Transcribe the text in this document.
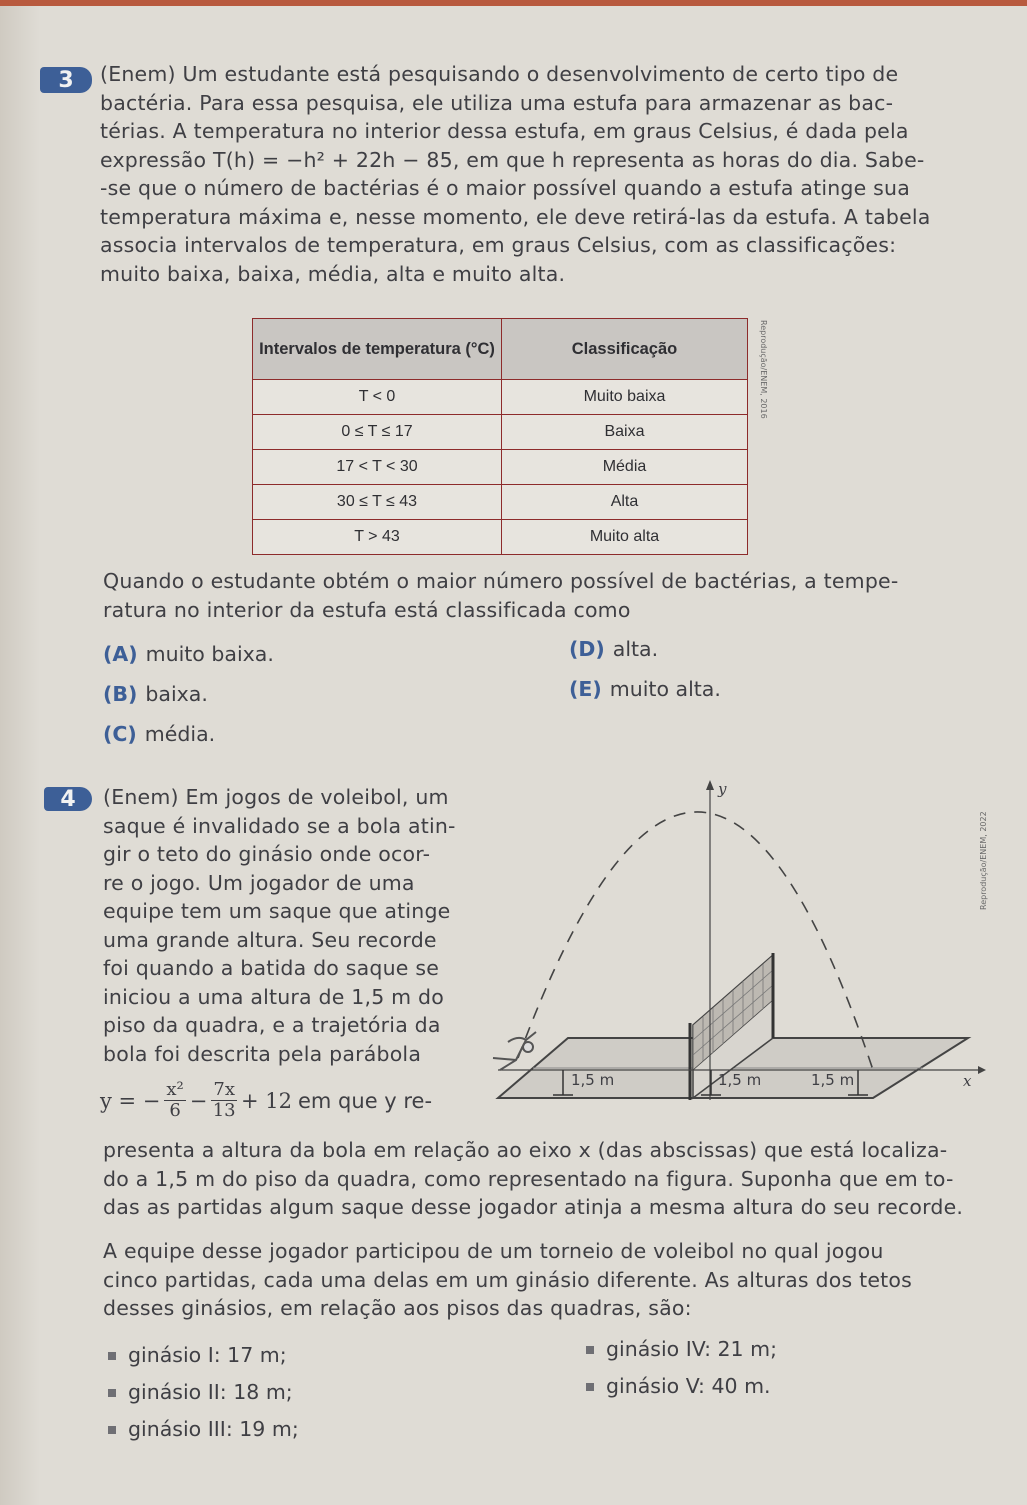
3	(Enem) Um estudante está pesquisando o desenvolvimento de certo tipo de
bactéria. Para essa pesquisa, ele utiliza uma estufa para armazenar as bac-
térias. A temperatura no interior dessa estufa, em graus Celsius, é dada pela
expressão T(h) = −h² + 22h − 85, em que h representa as horas do dia. Sabe-
-se que o número de bactérias é o maior possível quando a estufa atinge sua
temperatura máxima e, nesse momento, ele deve retirá-las da estufa. A tabela
associa intervalos de temperatura, em graus Celsius, com as classificações:
muito baixa, baixa, média, alta e muito alta.
Intervalos de temperatura (°C)	Classificação
T < 0	Muito baixa
0 ≤ T ≤ 17	Baixa
17 < T < 30	Média
30 ≤ T ≤ 43	Alta
T > 43	Muito alta
Reprodução/ENEM, 2016
Quando o estudante obtém o maior número possível de bactérias, a tempe-
ratura no interior da estufa está classificada como
(A) muito baixa.
(B) baixa.
(C) média.
(D) alta.
(E) muito alta.
4	(Enem) Em jogos de voleibol, um
saque é invalidado se a bola atin-
gir o teto do ginásio onde ocor-
re o jogo. Um jogador de uma
equipe tem um saque que atinge
uma grande altura. Seu recorde
foi quando a batida do saque se
iniciou a uma altura de 1,5 m do
piso da quadra, e a trajetória da
bola foi descrita pela parábola
y = − $\frac{\text{x²}}{6} - \frac{7x}{13} + 12$ em que y re-
x
y
1,5 m	1,5 m	1,5 m
Reprodução/ENEM, 2022
presenta a altura da bola em relação ao eixo x (das abscissas) que está localiza-
do a 1,5 m do piso da quadra, como representado na figura. Suponha que em to-
das as partidas algum saque desse jogador atinja a mesma altura do seu recorde.
A equipe desse jogador participou de um torneio de voleibol no qual jogou
cinco partidas, cada uma delas em um ginásio diferente. As alturas dos tetos
desses ginásios, em relação aos pisos das quadras, são:
ginásio I: 17 m;
ginásio II: 18 m;
ginásio III: 19 m;
ginásio IV: 21 m;
ginásio V: 40 m.
